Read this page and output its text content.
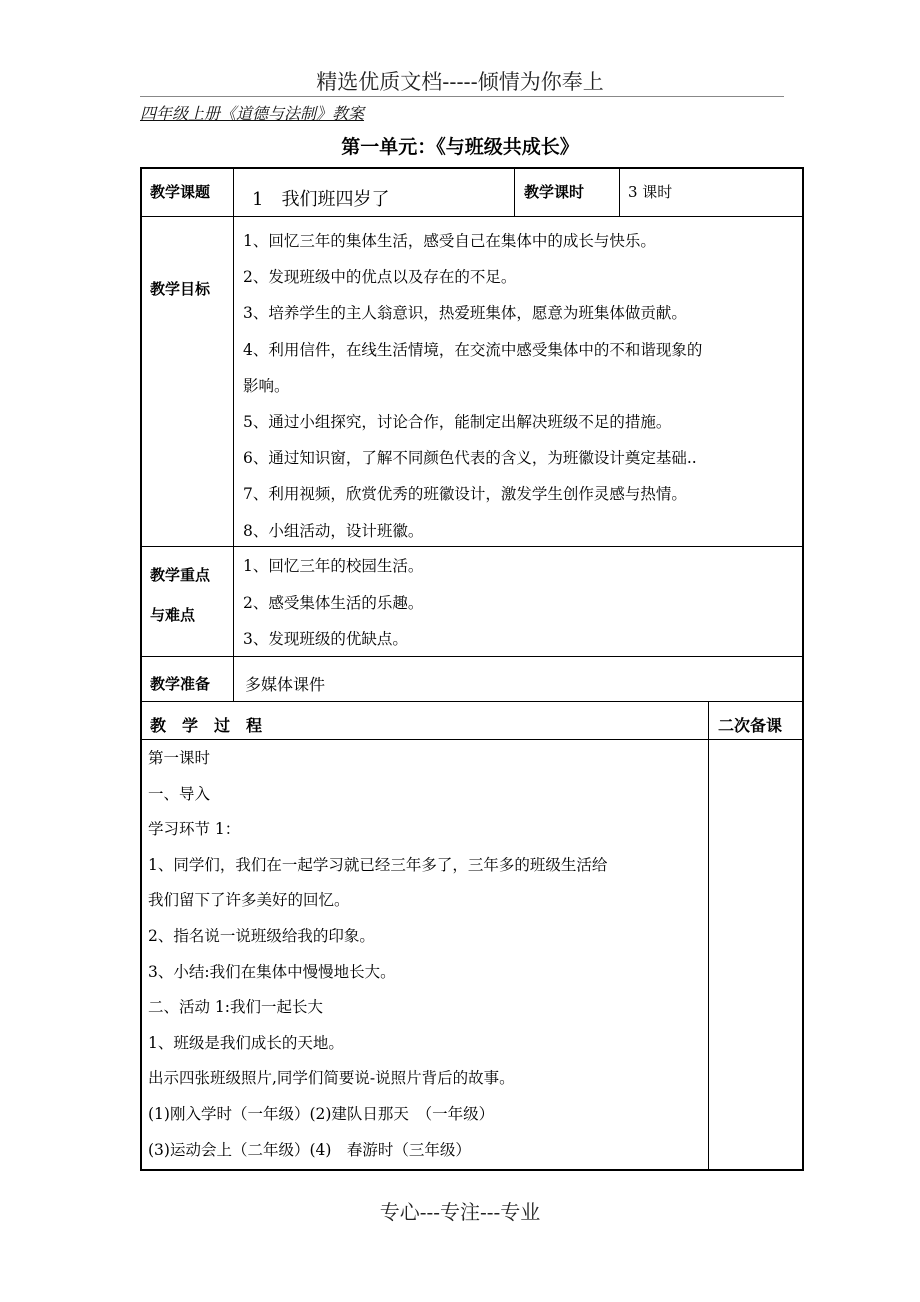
精选优质文档-----倾情为你奉上
四年级上册《道德与法制》教案
第一单元：《与班级共成长》
教学课题 1　我们班四岁了	教学课时	3 课时
教学目标
1、回忆三年的集体生活，感受自己在集体中的成长与快乐。
2、发现班级中的优点以及存在的不足。
3、培养学生的主人翁意识，热爱班集体，愿意为班集体做贡献。
4、利用信件，在线生活情境，在交流中感受集体中的不和谐现象的
影响。
5、通过小组探究，讨论合作，能制定出解决班级不足的措施。
6、通过知识窗，了解不同颜色代表的含义，为班徽设计奠定基础..
7、利用视频，欣赏优秀的班徽设计，激发学生创作灵感与热情。
8、小组活动，设计班徽。
教学重点
与难点
1、回忆三年的校园生活。
2、感受集体生活的乐趣。
3、发现班级的优缺点。
教学准备 多媒体课件
教　学　过　程	二次备课
第一课时
一、导入
学习环节 1：
1、同学们，我们在一起学习就已经三年多了，三年多的班级生活给
我们留下了许多美好的回忆。
2、指名说一说班级给我的印象。
3、小结:我们在集体中慢慢地长大。
二、活动 1:我们一起长大
1、班级是我们成长的天地。
出示四张班级照片,同学们简要说-说照片背后的故事。
(1)刚入学时（一年级）(2)建队日那天　（一年级）
(3)运动会上（二年级）(4)　春游时（三年级）
专心---专注---专业
